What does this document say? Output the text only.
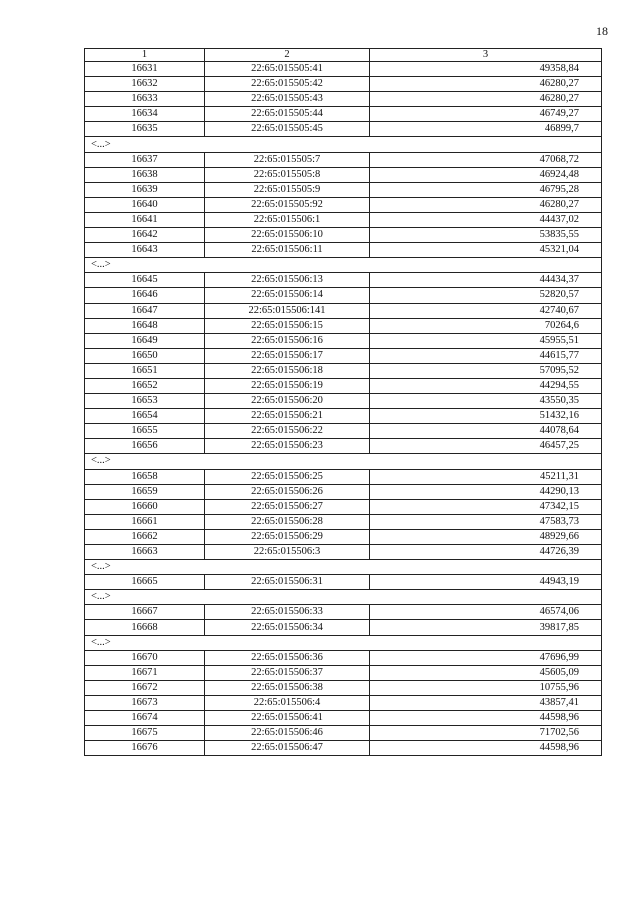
18
1	2	3
16631	22:65:015505:41	49358,84
16632	22:65:015505:42	46280,27
16633	22:65:015505:43	46280,27
16634	22:65:015505:44	46749,27
16635	22:65:015505:45	46899,7
<...>		
16637	22:65:015505:7	47068,72
16638	22:65:015505:8	46924,48
16639	22:65:015505:9	46795,28
16640	22:65:015505:92	46280,27
16641	22:65:015506:1	44437,02
16642	22:65:015506:10	53835,55
16643	22:65:015506:11	45321,04
<...>		
16645	22:65:015506:13	44434,37
16646	22:65:015506:14	52820,57
16647	22:65:015506:141	42740,67
16648	22:65:015506:15	70264,6
16649	22:65:015506:16	45955,51
16650	22:65:015506:17	44615,77
16651	22:65:015506:18	57095,52
16652	22:65:015506:19	44294,55
16653	22:65:015506:20	43550,35
16654	22:65:015506:21	51432,16
16655	22:65:015506:22	44078,64
16656	22:65:015506:23	46457,25
<...>		
16658	22:65:015506:25	45211,31
16659	22:65:015506:26	44290,13
16660	22:65:015506:27	47342,15
16661	22:65:015506:28	47583,73
16662	22:65:015506:29	48929,66
16663	22:65:015506:3	44726,39
<...>		
16665	22:65:015506:31	44943,19
<...>		
16667	22:65:015506:33	46574,06
16668	22:65:015506:34	39817,85
<...>		
16670	22:65:015506:36	47696,99
16671	22:65:015506:37	45605,09
16672	22:65:015506:38	10755,96
16673	22:65:015506:4	43857,41
16674	22:65:015506:41	44598,96
16675	22:65:015506:46	71702,56
16676	22:65:015506:47	44598,96
